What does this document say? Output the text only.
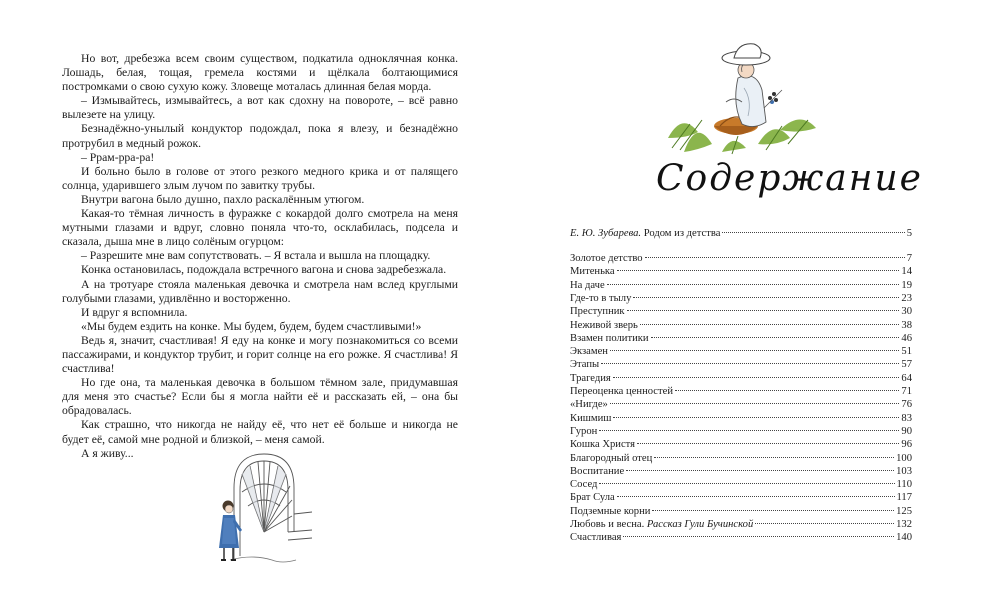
Но вот, дребезжа всем своим существом, подкатила одноклячная конка. Лошадь, белая, тощая, гремела костями и щёлкала болтающимися постромками о свою сухую кожу. Зловеще моталась длинная белая морда.

– Измывайтесь, измывайтесь, а вот как сдохну на повороте, – всё равно вылезете на улицу.

Безнадёжно-унылый кондуктор подождал, пока я влезу, и безнадёжно протрубил в медный рожок.

– Ррам-рра-ра!

И больно было в голове от этого резкого медного крика и от палящего солнца, ударившего злым лучом по завитку трубы.

Внутри вагона было душно, пахло раскалённым утюгом.

Какая-то тёмная личность в фуражке с кокардой долго смотрела на меня мутными глазами и вдруг, словно поняла что-то, осклабилась, подсела и сказала, дыша мне в лицо солёным огурцом:

– Разрешите мне вам сопутствовать. – Я встала и вышла на площадку.

Конка остановилась, подождала встречного вагона и снова задребезжала.

А на тротуаре стояла маленькая девочка и смотрела нам вслед круглыми голубыми глазами, удивлённо и восторженно.

И вдруг я вспомнила.

«Мы будем ездить на конке. Мы будем, будем, будем счастливыми!»

Ведь я, значит, счастливая! Я еду на конке и могу познакомиться со всеми пассажирами, и кондуктор трубит, и горит солнце на его рожке. Я счастлива! Я счастлива!

Но где она, та маленькая девочка в большом тёмном зале, придумавшая для меня это счастье? Если бы я могла найти её и рассказать ей, – она бы обрадовалась.

Как страшно, что никогда не найду её, что нет её больше и никогда не будет её, самой мне родной и близкой, – меня самой.

А я живу...

Содержание
Е. Ю. Зубарева. Родом из детства	5
Золотое детство	7
Митенька	14
На даче	19
Где-то в тылу	23
Преступник	30
Неживой зверь	38
Взамен политики	46
Экзамен	51
Этапы	57
Трагедия	64
Переоценка ценностей	71
«Нигде»	76
Кишмиш	83
Гурон	90
Кошка Христя	96
Благородный отец	100
Воспитание	103
Сосед	110
Брат Сула	117
Подземные корни	125
Любовь и весна. Рассказ Гули Бучинской	132
Счастливая	140
